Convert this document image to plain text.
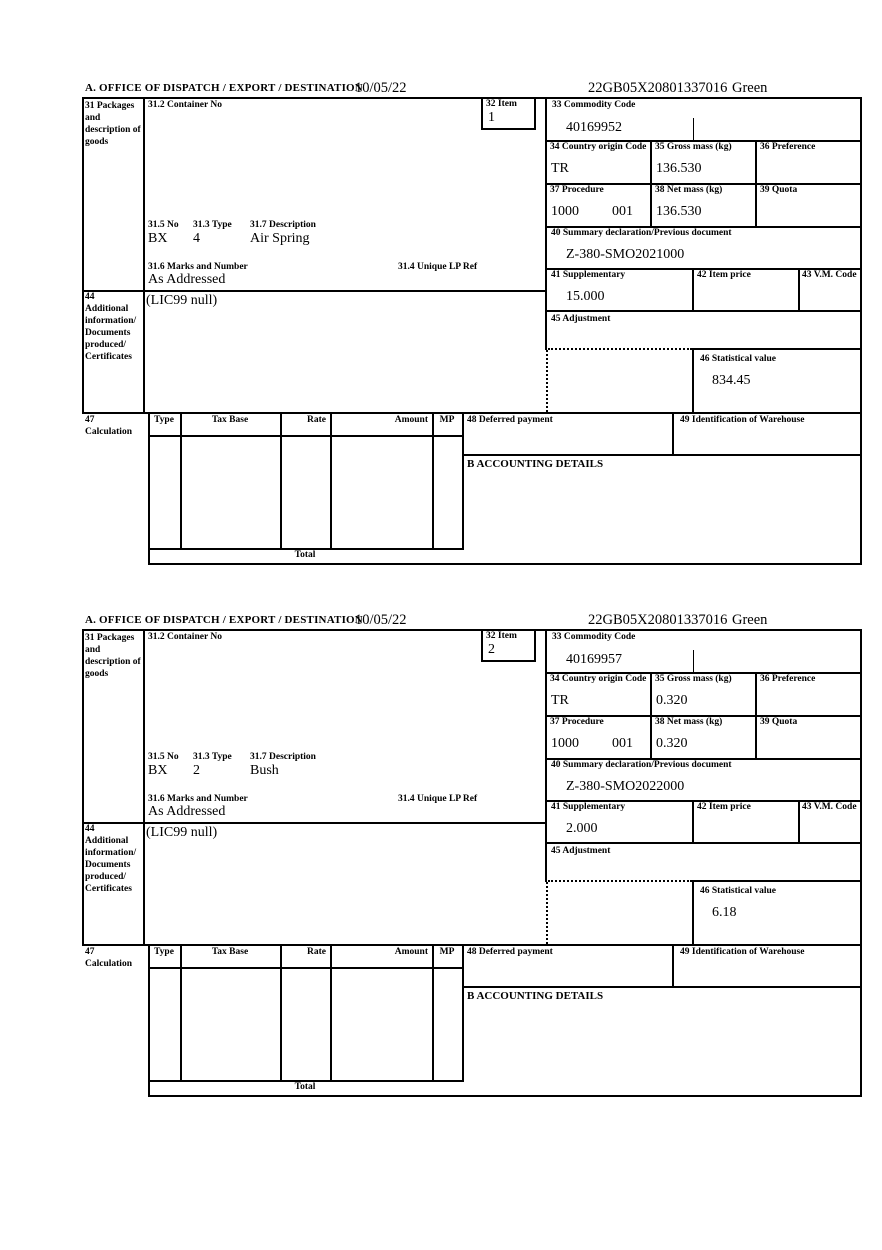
A. OFFICE OF DISPATCH / EXPORT / DESTINATION
10/05/22	22GB05X20801337016 Green
31 Packages and description of goods
31.2 Container No	32 Item
1
33 Commodity Code
40169952
34 Country origin Code
TR
35 Gross mass (kg)
136.530
36 Preference
37 Procedure
1000 001
38 Net mass (kg)
136.530
39 Quota
40 Summary declaration/Previous document
Z-380-SMO2021000
31.5 No 31.3 Type 31.7 Description
BX 4	Air Spring
31.6 Marks and Number	31.4 Unique LP Ref
As Addressed	41 Supplementary
15.000
42 Item price	43 V.M. Code
44
Additional information/ Documents produced/ Certificates
(LIC99 null)
45 Adjustment
46 Statistical value
834.45
47
Calculation
Type	Tax Base	Rate	Amount	MP	48 Deferred payment	49 Identification of Warehouse
B ACCOUNTING DETAILS
Total
A. OFFICE OF DISPATCH / EXPORT / DESTINATION
10/05/22	22GB05X20801337016 Green
31 Packages and description of goods
31.2 Container No	32 Item
2
33 Commodity Code
40169957
34 Country origin Code
TR
35 Gross mass (kg)
0.320
36 Preference
37 Procedure
1000 001
38 Net mass (kg)
0.320
39 Quota
40 Summary declaration/Previous document
Z-380-SMO2022000
31.5 No 31.3 Type 31.7 Description
BX 2	Bush
31.6 Marks and Number	31.4 Unique LP Ref
As Addressed	41 Supplementary
2.000
42 Item price	43 V.M. Code
44
Additional information/ Documents produced/ Certificates
(LIC99 null)
45 Adjustment
46 Statistical value
6.18
47
Calculation
Type	Tax Base	Rate	Amount	MP	48 Deferred payment	49 Identification of Warehouse
B ACCOUNTING DETAILS
Total
